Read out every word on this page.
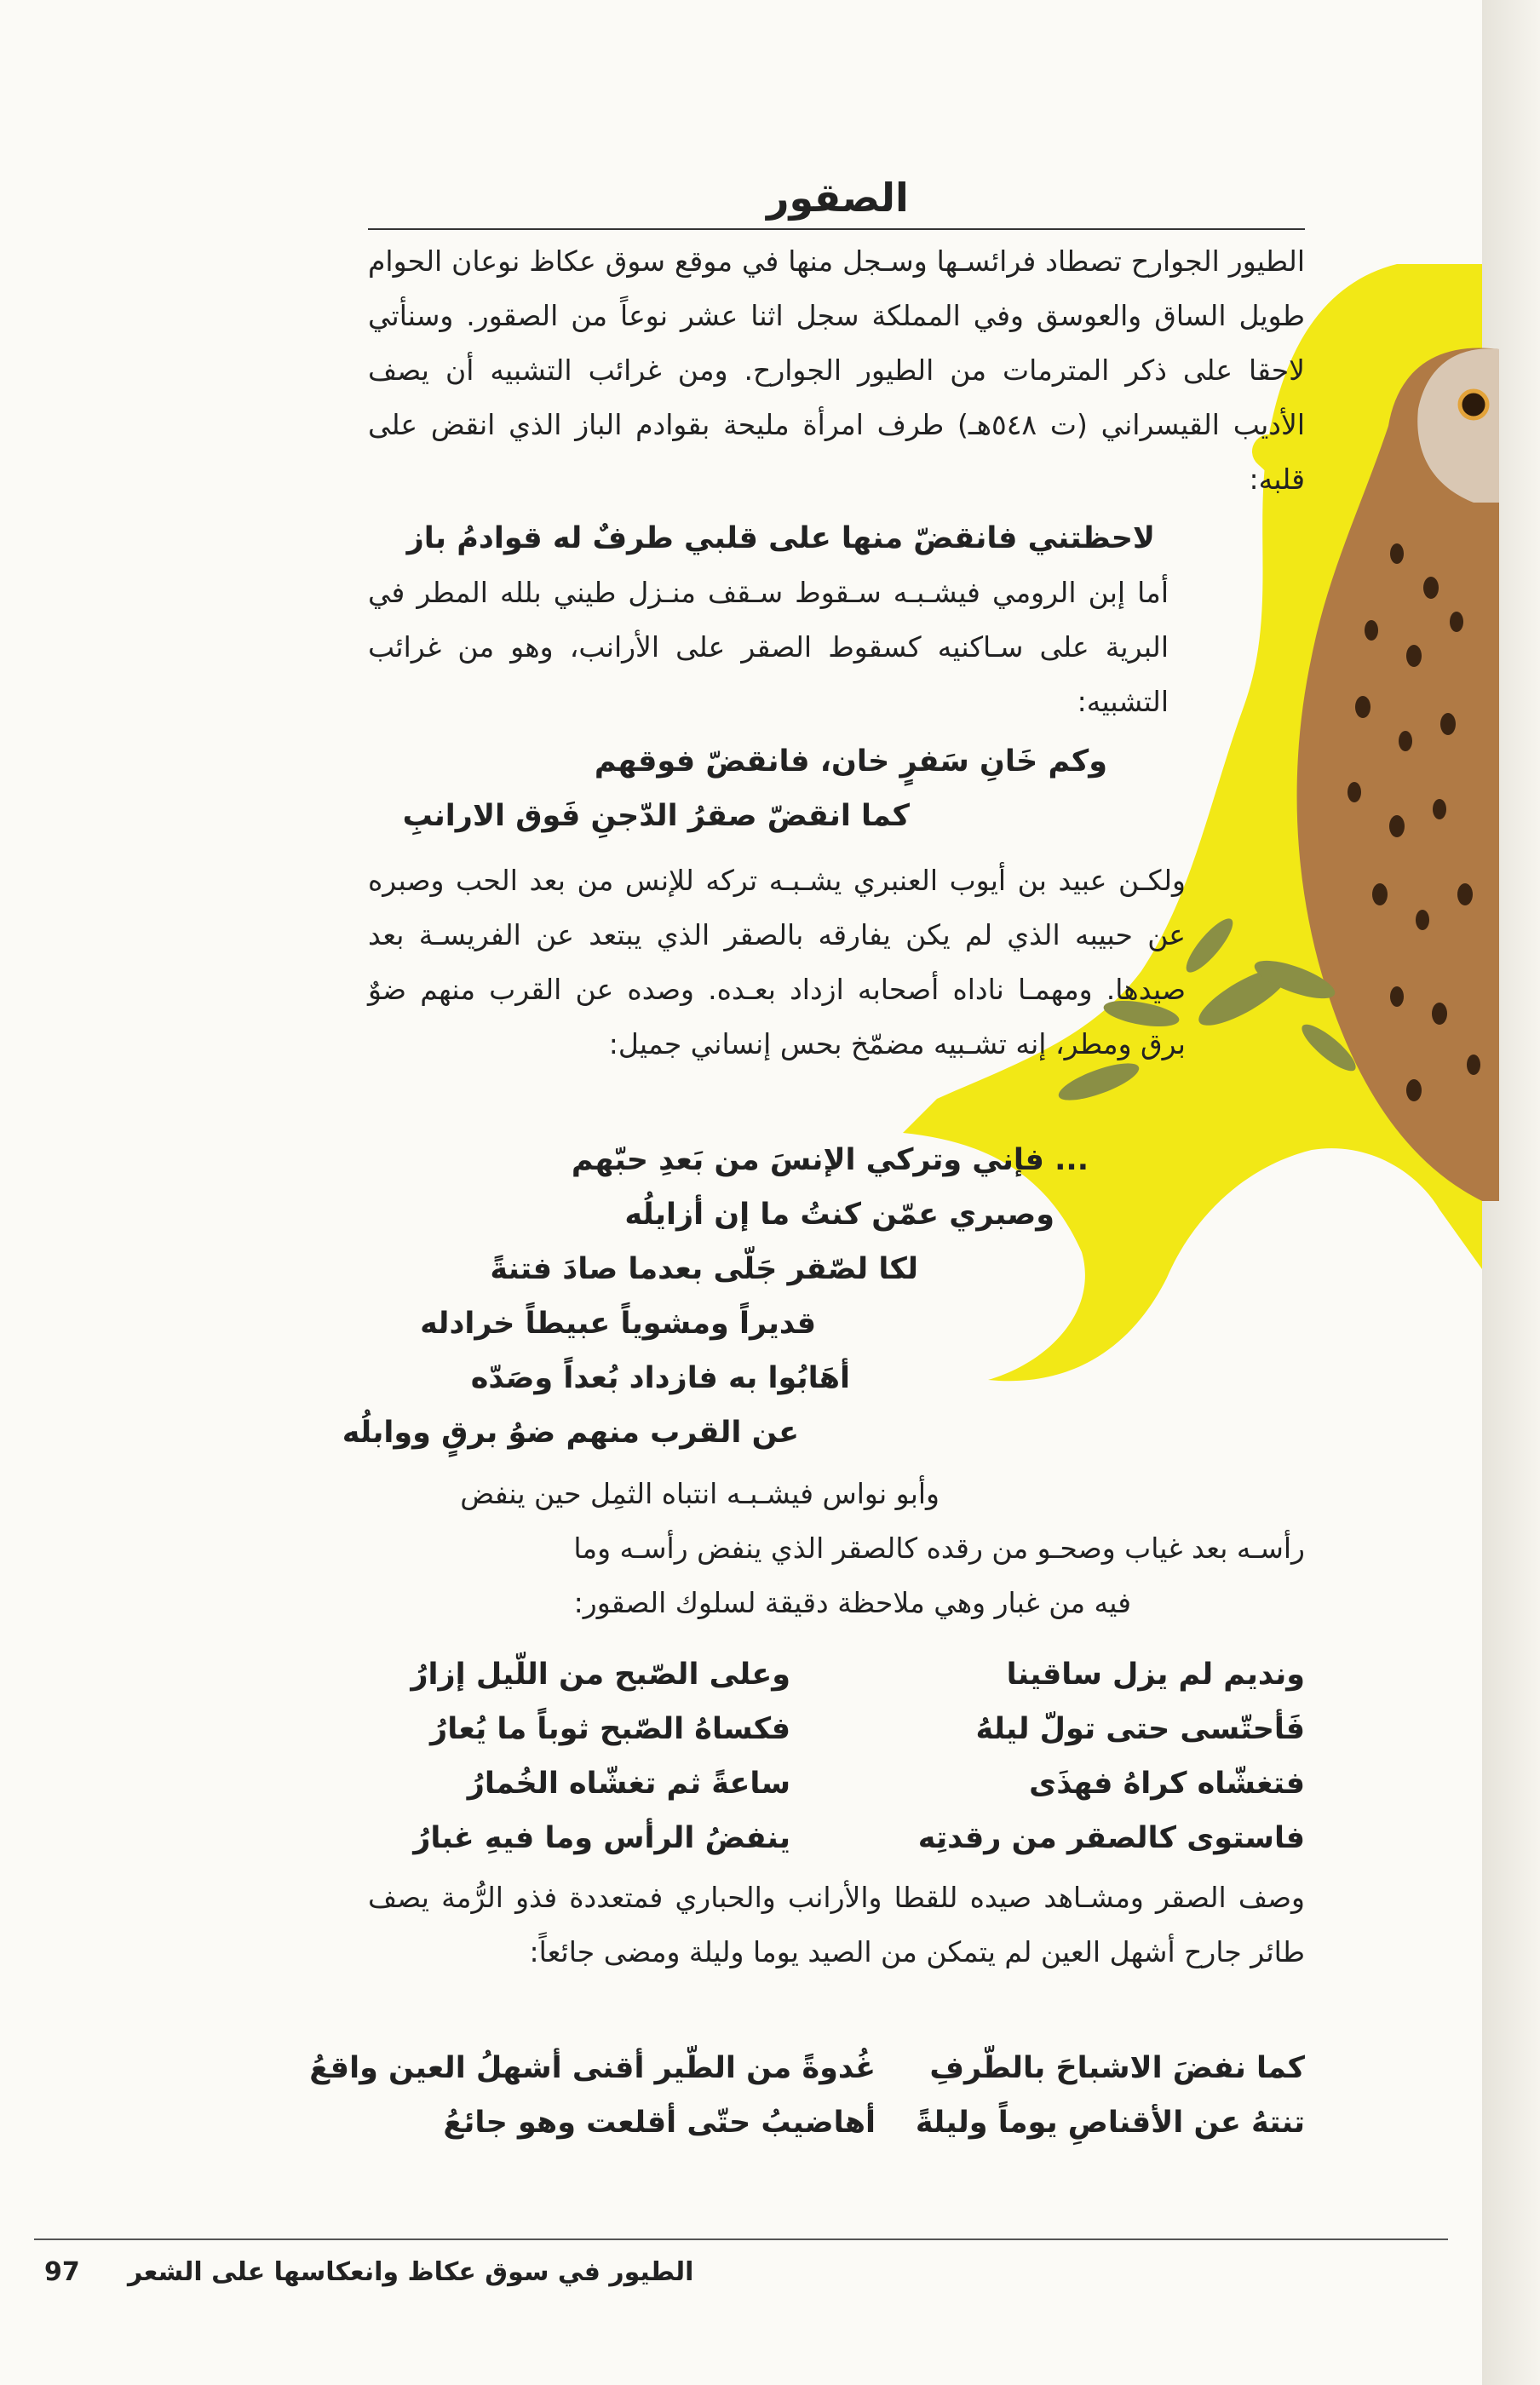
الصقور
الطيور الجوارح تصطاد فرائسـها وسـجل منها في موقع سوق عكاظ نوعان الحوام طويل الساق والعوسق وفي المملكة سجل اثنا عشر نوعاً من الصقور. وسنأتي لاحقا على ذكر المترمات من الطيور الجوارح. ومن غرائب التشبيه أن يصف الأديب القيسراني (ت ٥٤٨هـ) طرف امرأة مليحة بقوادم الباز الذي انقض على قلبه:
لاحظتني فانقضّ منها على قلبي طرفٌ له قوادمُ باز
أما إبن الرومي فيشـبـه سـقوط سـقف منـزل طيني بلله المطر في البرية على سـاكنيه كسقوط الصقر على الأرانب، وهو من غرائب التشبيه:
وكم خَانِ سَفرٍ خان، فانقضّ فوقهم
كما انقضّ صقرُ الدّجنِ فَوق الارانبِ
ولكـن عبيد بن أيوب العنبري يشـبـه تركه للإنس من بعد الحب وصبره عن حبيبه الذي لم يكن يفارقه بالصقر الذي يبتعد عن الفريسـة بعد صيدها. ومهمـا ناداه أصحابه ازداد بعـده. وصده عن القرب منهم ضوٌ برق ومطر، إنه تشـبيه مضمّخ بحس إنساني جميل:
... فإني وتركي الإنسَ من بَعدِ حبّهم
وصبري عمّن كنتُ ما إن أزايلُه
لكا لصّقر جَلّى بعدما صادَ فتنةً
قديراً ومشوياً عبيطاً خرادله
أهَابُوا به فازداد بُعداً وصَدّه
عن القرب منهم ضوُ برقٍ ووابلُه
وأبو نواس فيشـبـه انتباه الثمِل حين ينفض
رأسـه بعد غياب وصحـو من رقده كالصقر الذي ينفض رأسـه وما
فيه من غبار وهي ملاحظة دقيقة لسلوك الصقور:
ونديم لم يزل ساقينا
وعلى الصّبح من اللّيل إزارُ
فَأحتّسى حتى تولّ ليلهُ
فكساهُ الصّبح ثوباً ما يُعارُ
فتغشّاه كراهُ فهذَى
ساعةً ثم تغشّاه الخُمارُ
فاستوى كالصقر من رقدتِه
ينفضُ الرأس وما فيهِ غبارُ
وصف الصقر ومشـاهد صيده للقطا والأرانب والحباري فمتعددة فذو الرُّمة يصف طائر جارح أشهل العين لم يتمكن من الصيد يوما وليلة ومضى جائعاً:
كما نفضَ الاشباحَ بالطّرفِ
غُدوةً من الطّير أقنى أشهلُ العين واقعُ
تنتهُ عن الأقناصِ يوماً وليلةً
أهاضيبُ حتّى أقلعت وهو جائعُ
الطيور في سوق عكاظ وانعكاسها على الشعر
97
